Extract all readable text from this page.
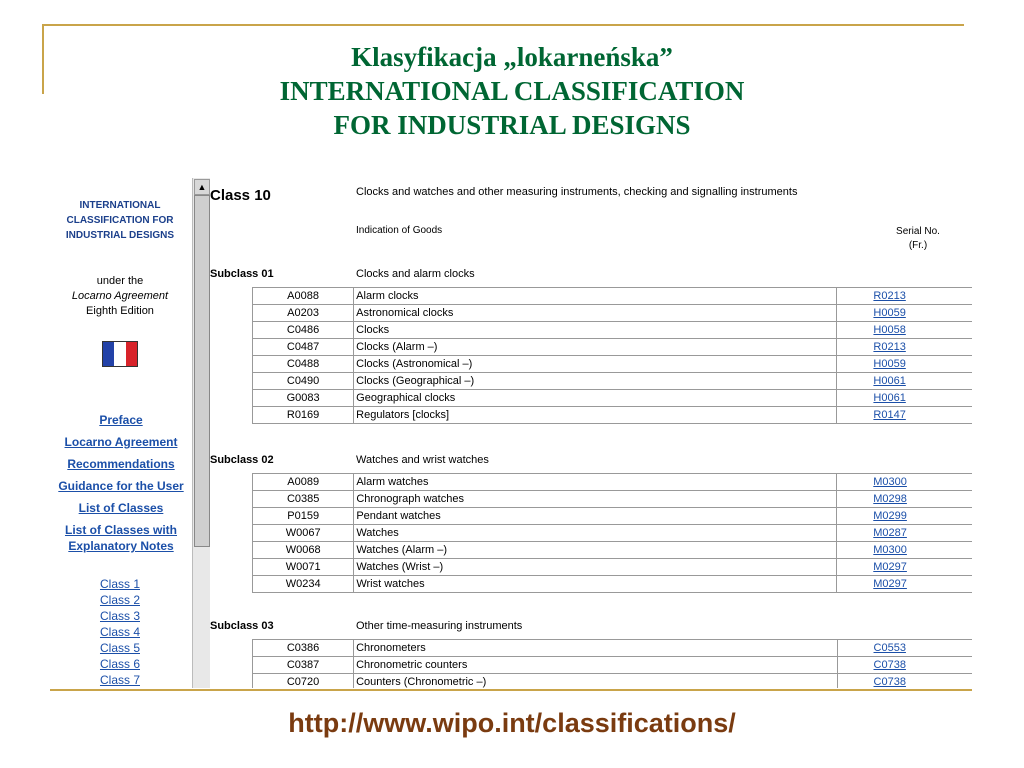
Klasyfikacja „lokarneńska”
INTERNATIONAL CLASSIFICATION
FOR INDUSTRIAL DESIGNS
INTERNATIONAL
CLASSIFICATION FOR
INDUSTRIAL DESIGNS
under the
Locarno Agreement
Eighth Edition
Preface
Locarno Agreement
Recommendations
Guidance for the User
List of Classes
List of Classes with
Explanatory Notes
Class 1
Class 2
Class 3
Class 4
Class 5
Class 6
Class 7
▲ Class 10	Clocks and watches and other measuring instruments, checking and signalling instruments
Indication of Goods	Serial No.
(Fr.)
Subclass 01	Clocks and alarm clocks
A0088	Alarm clocks	R0213
A0203	Astronomical clocks	H0059
C0486	Clocks	H0058
C0487	Clocks (Alarm –)	R0213
C0488	Clocks (Astronomical –)	H0059
C0490	Clocks (Geographical –)	H0061
G0083	Geographical clocks	H0061
R0169	Regulators [clocks]	R0147
Subclass 02	Watches and wrist watches
A0089	Alarm watches	M0300
C0385	Chronograph watches	M0298
P0159	Pendant watches	M0299
W0067	Watches	M0287
W0068	Watches (Alarm –)	M0300
W0071	Watches (Wrist –)	M0297
W0234	Wrist watches	M0297
Subclass 03	Other time-measuring instruments
C0386	Chronometers	C0553
C0387	Chronometric counters	C0738
C0720	Counters (Chronometric –)	C0738
http://www.wipo.int/classifications/
